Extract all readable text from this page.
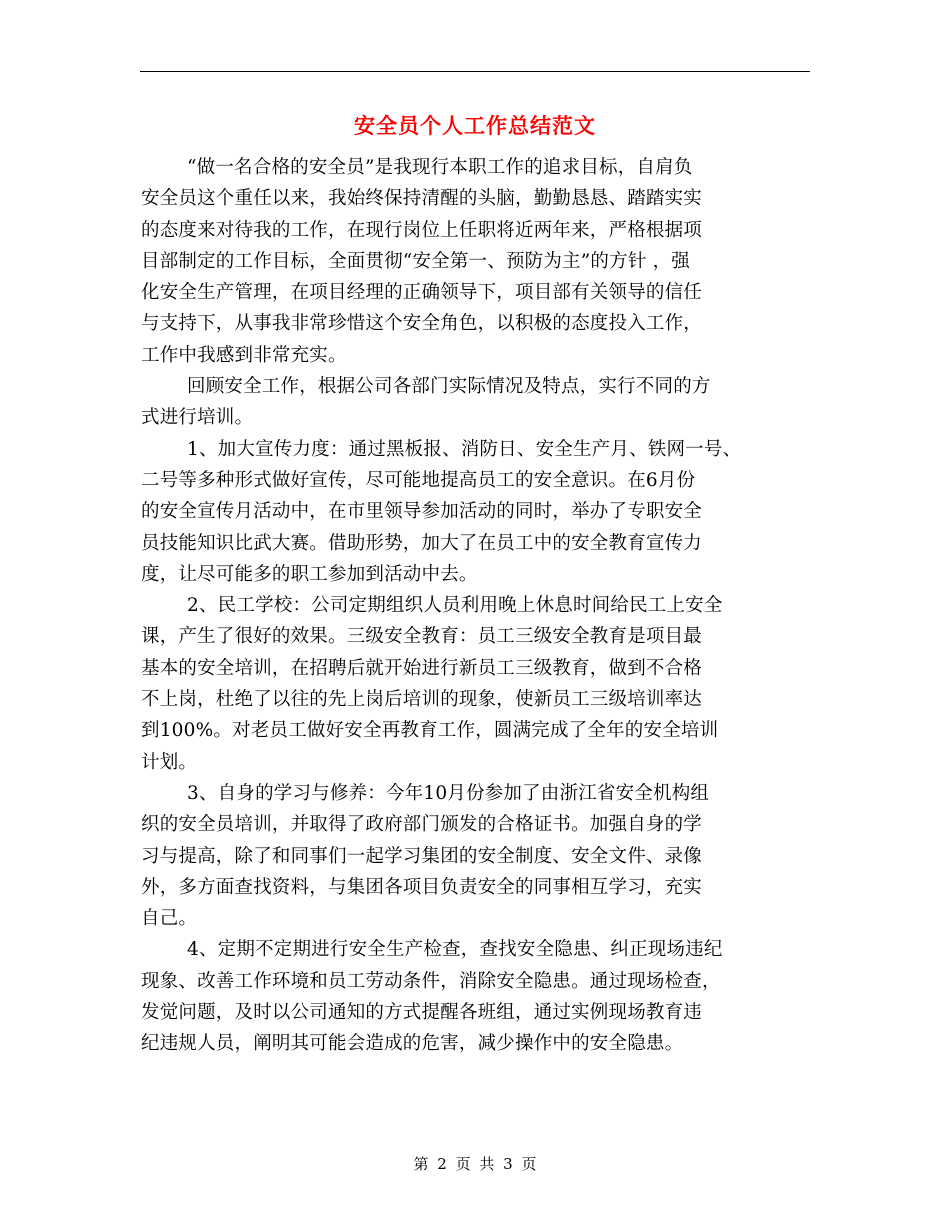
安全员个人工作总结范文
“做一名合格的安全员”是我现行本职工作的追求目标，自肩负
安全员这个重任以来，我始终保持清醒的头脑，勤勤恳恳、踏踏实实
的态度来对待我的工作，在现行岗位上任职将近两年来，严格根据项
目部制定的工作目标，全面贯彻“安全第一、预防为主”的方针 ，强
化安全生产管理，在项目经理的正确领导下，项目部有关领导的信任
与支持下，从事我非常珍惜这个安全角色，以积极的态度投入工作，
工作中我感到非常充实。
回顾安全工作，根据公司各部门实际情况及特点，实行不同的方
式进行培训。
1、加大宣传力度：通过黑板报、消防日、安全生产月、铁网一号、
二号等多种形式做好宣传，尽可能地提高员工的安全意识。在6月份
的安全宣传月活动中，在市里领导参加活动的同时，举办了专职安全
员技能知识比武大赛。借助形势，加大了在员工中的安全教育宣传力
度，让尽可能多的职工参加到活动中去。
2、民工学校：公司定期组织人员利用晚上休息时间给民工上安全
课，产生了很好的效果。三级安全教育：员工三级安全教育是项目最
基本的安全培训，在招聘后就开始进行新员工三级教育，做到不合格
不上岗，杜绝了以往的先上岗后培训的现象，使新员工三级培训率达
到100%。对老员工做好安全再教育工作，圆满完成了全年的安全培训
计划。
3、自身的学习与修养：今年10月份参加了由浙江省安全机构组
织的安全员培训，并取得了政府部门颁发的合格证书。加强自身的学
习与提高，除了和同事们一起学习集团的安全制度、安全文件、录像
外，多方面查找资料，与集团各项目负责安全的同事相互学习，充实
自己。
4、定期不定期进行安全生产检查，查找安全隐患、纠正现场违纪
现象、改善工作环境和员工劳动条件，消除安全隐患。通过现场检查，
发觉问题，及时以公司通知的方式提醒各班组，通过实例现场教育违
纪违规人员，阐明其可能会造成的危害，减少操作中的安全隐患。
第 2 页 共 3 页
